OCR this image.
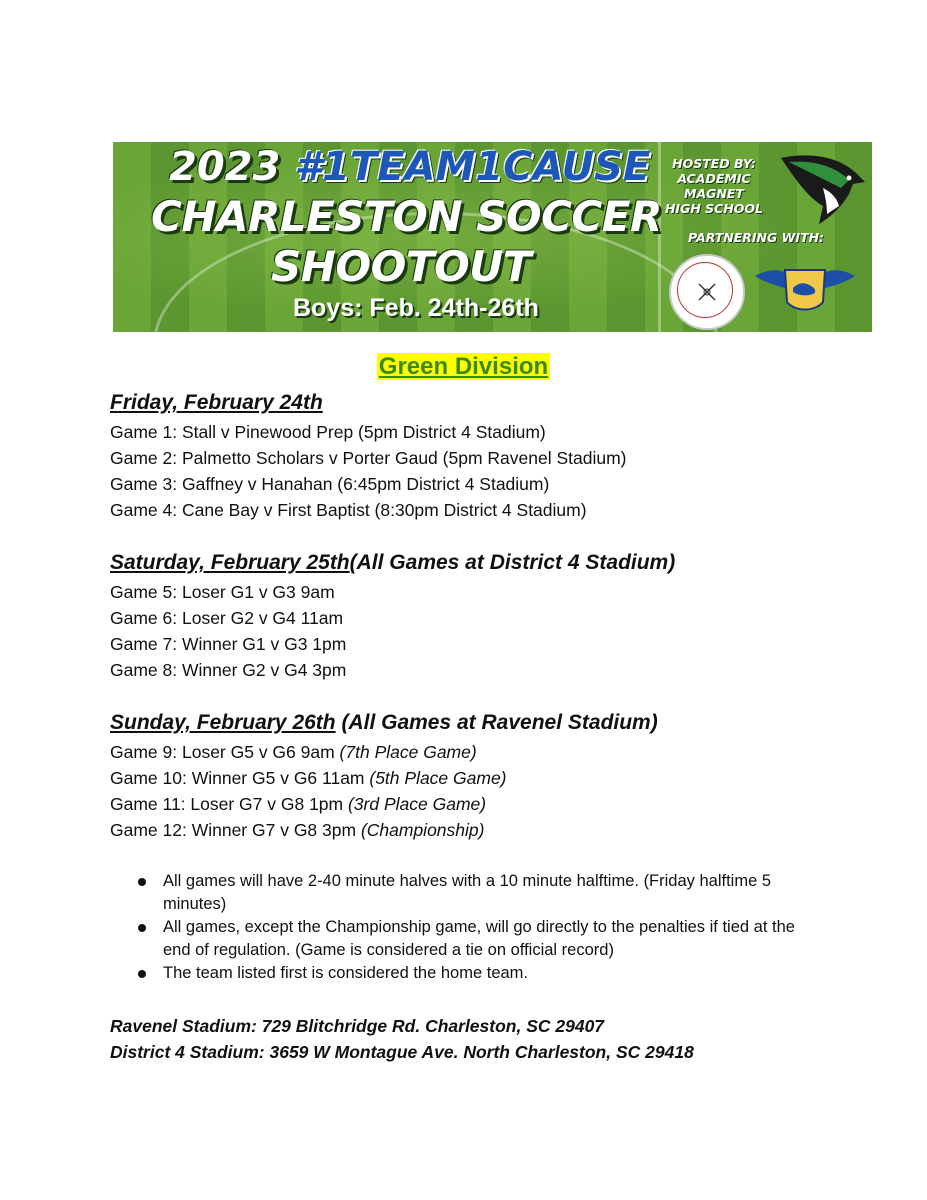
2023 #1TEAM1CAUSE
CHARLESTON SOCCER
SHOOTOUT
Boys: Feb. 24th-26th
HOSTED BY:
ACADEMIC MAGNET
HIGH SCHOOL
PARTNERING WITH:
Green Division
Friday, February 24th
Game 1: Stall v Pinewood Prep (5pm District 4 Stadium)
Game 2: Palmetto Scholars v Porter Gaud (5pm Ravenel Stadium)
Game 3: Gaffney v Hanahan (6:45pm District 4 Stadium)
Game 4: Cane Bay v First Baptist (8:30pm District 4 Stadium)
Saturday, February 25th(All Games at District 4 Stadium)
Game 5: Loser G1 v G3 9am
Game 6: Loser G2 v G4 11am
Game 7: Winner G1 v G3 1pm
Game 8: Winner G2 v G4 3pm
Sunday, February 26th (All Games at Ravenel Stadium)
Game 9: Loser G5 v G6 9am (7th Place Game)
Game 10: Winner G5 v G6 11am (5th Place Game)
Game 11: Loser G7 v G8 1pm (3rd Place Game)
Game 12: Winner G7 v G8 3pm (Championship)
All games will have 2-40 minute halves with a 10 minute halftime. (Friday halftime 5 minutes)
All games, except the Championship game, will go directly to the penalties if tied at the end of regulation. (Game is considered a tie on official record)
The team listed first is considered the home team.
Ravenel Stadium: 729 Blitchridge Rd. Charleston, SC 29407
District 4 Stadium: 3659 W Montague Ave. North Charleston, SC 29418
